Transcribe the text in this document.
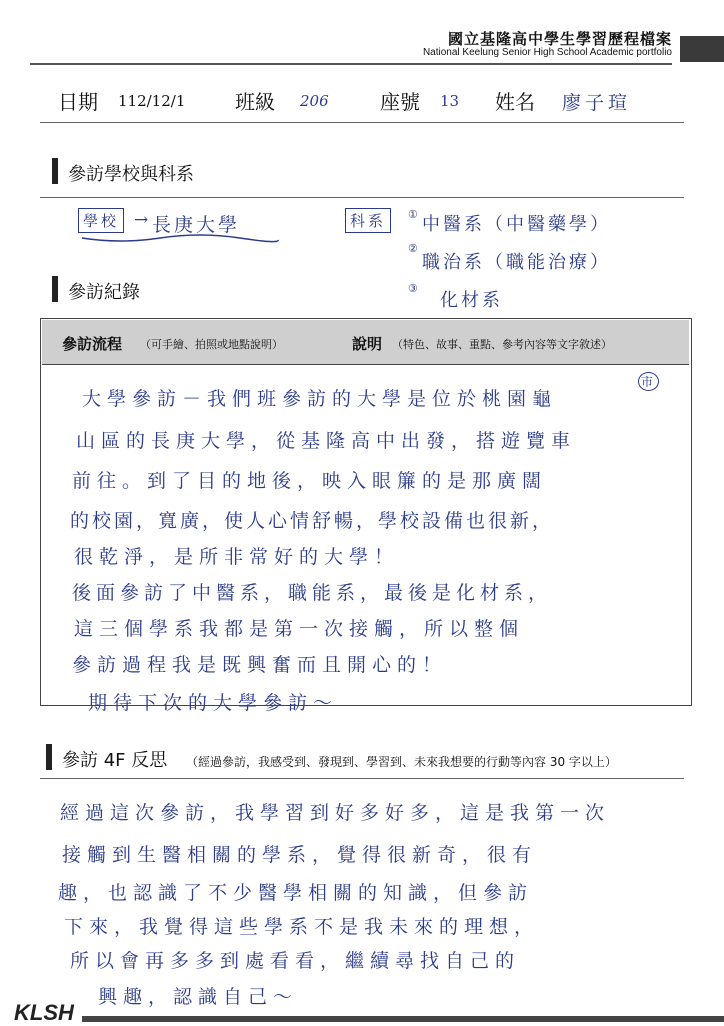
國立基隆高中學生學習歷程檔案
National Keelung Senior High School Academic portfolio
日期 112/12/1 班級 206	座號 13 姓名 廖子瑄
參訪學校與科系
學校 → 長庚大學	科系	① 中醫系（中醫藥學）
②
職治系（職能治療）
③
化材系
參訪紀錄
參訪流程 （可手繪、拍照或地點說明）	說明 （特色、故事、重點、參考內容等文字敘述）
市
大學參訪－我們班參訪的大學是位於桃園龜
山區的長庚大學，從基隆高中出發，搭遊覽車
前往。到了目的地後，映入眼簾的是那廣闊
的校園，寬廣，使人心情舒暢，學校設備也很新，
很乾淨，是所非常好的大學！
後面參訪了中醫系，職能系，最後是化材系，
這三個學系我都是第一次接觸，所以整個
參訪過程我是既興奮而且開心的！
期待下次的大學參訪～
參訪 4F 反思 （經過參訪，我感受到、發現到、學習到、未來我想要的行動等內容 30 字以上）
經過這次參訪，我學習到好多好多，這是我第一次
接觸到生醫相關的學系，覺得很新奇，很有
趣，也認識了不少醫學相關的知識，但參訪
下來，我覺得這些學系不是我未來的理想，
所以會再多多到處看看，繼續尋找自己的
興趣，認識自己～
KLSH
